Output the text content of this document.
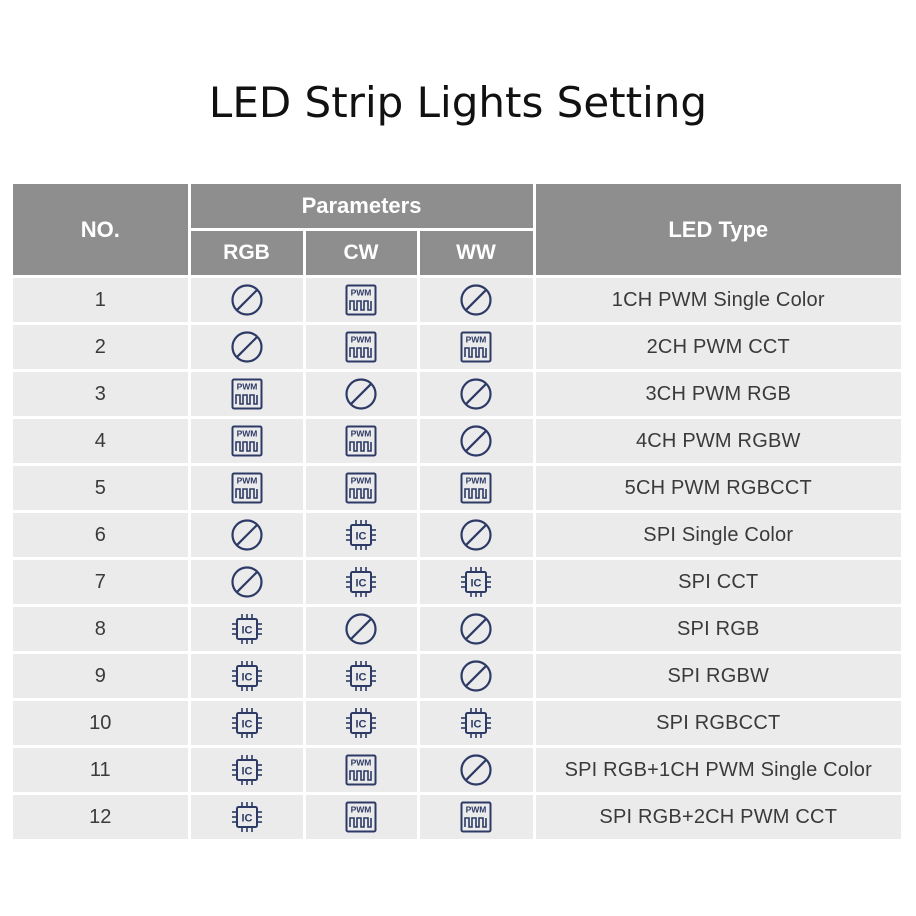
LED Strip Lights Setting
NO.	Parameters			LED Type
	RGB	CW	WW	
1		PWM		1CH PWM Single Color
2		PWM	PWM	2CH PWM CCT
3	PWM			3CH PWM RGB
4	PWM	PWM		4CH PWM RGBW
5	PWM	PWM	PWM	5CH PWM RGBCCT
6		IC		SPI Single Color
7		IC	IC	SPI CCT
8	IC			SPI RGB
9	IC	IC		SPI RGBW
10	IC	IC	IC	SPI RGBCCT
11	IC	PWM		SPI RGB+1CH PWM Single Color
12	IC	PWM	PWM	SPI RGB+2CH PWM CCT
